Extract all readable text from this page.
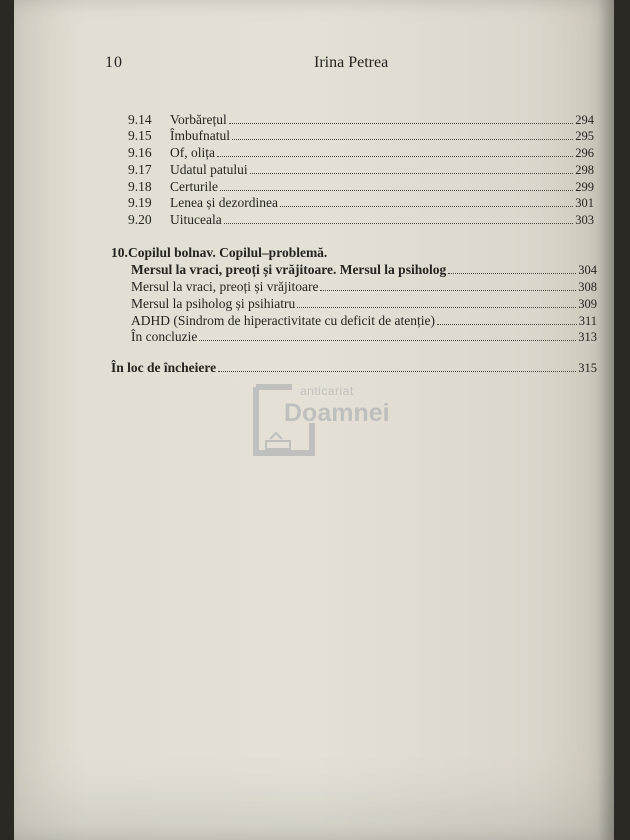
10	Irina Petrea
9.14	Vorbărețul	294
9.15	Îmbufnatul	295
9.16	Of, olița	296
9.17	Udatul patului	298
9.18	Certurile	299
9.19	Lenea și dezordinea	301
9.20	Uituceala	303
10. Copilul bolnav. Copilul–problemă.
Mersul la vraci, preoți și vrăjitoare. Mersul la psiholog	304
Mersul la vraci, preoți și vrăjitoare	308
Mersul la psiholog și psihiatru	309
ADHD (Sindrom de hiperactivitate cu deficit de atenție)	311
În concluzie	313
În loc de încheiere	315
anticariat
Doamnei
